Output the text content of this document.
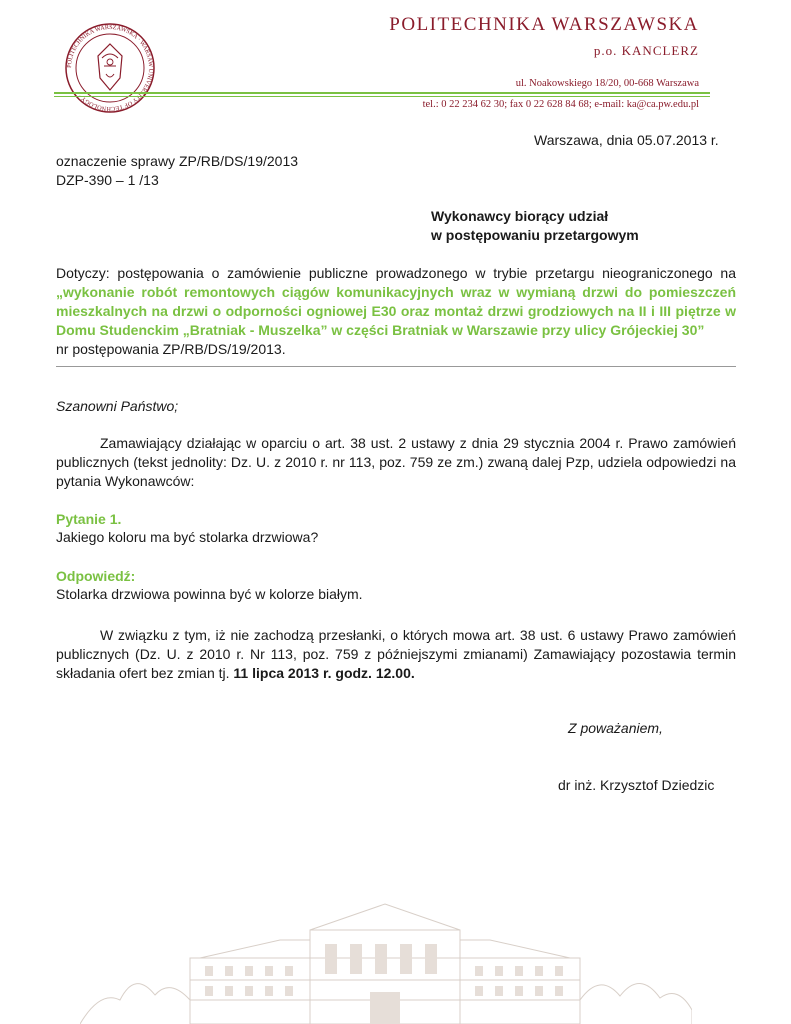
POLITECHNIKA WARSZAWSKA · WARSAW UNIVERSITY OF TECHNOLOGY ·
POLITECHNIKA WARSZAWSKA
p.o. KANCLERZ
ul. Noakowskiego 18/20, 00-668 Warszawa
tel.: 0 22 234 62 30; fax 0 22 628 84 68; e-mail: ka@ca.pw.edu.pl
Warszawa, dnia 05.07.2013 r.
oznaczenie sprawy ZP/RB/DS/19/2013
DZP-390 – 1 /13
Wykonawcy biorący udział
w postępowaniu przetargowym
Dotyczy: postępowania o zamówienie publiczne prowadzonego w trybie przetargu nieograniczonego na „wykonanie robót remontowych ciągów komunikacyjnych wraz w wymianą drzwi do pomieszczeń mieszkalnych na drzwi o odporności ogniowej E30 oraz montaż drzwi grodziowych na II i III piętrze w Domu Studenckim „Bratniak - Muszelka” w części Bratniak w Warszawie przy ulicy Grójeckiej 30”
nr postępowania ZP/RB/DS/19/2013.
Szanowni Państwo;
Zamawiający działając w oparciu o art. 38 ust. 2 ustawy z dnia 29 stycznia 2004 r. Prawo zamówień publicznych (tekst jednolity: Dz. U. z 2010 r. nr 113, poz. 759 ze zm.) zwaną dalej Pzp, udziela odpowiedzi na pytania Wykonawców:
Pytanie 1.
Jakiego koloru ma być stolarka drzwiowa?
Odpowiedź:
Stolarka drzwiowa powinna być w kolorze białym.
W związku z tym, iż nie zachodzą przesłanki, o których mowa art. 38 ust. 6 ustawy Prawo zamówień publicznych (Dz. U. z 2010 r. Nr 113, poz. 759 z późniejszymi zmianami) Zamawiający pozostawia termin składania ofert bez zmian tj. 11 lipca 2013 r. godz. 12.00.
Z poważaniem,
dr inż. Krzysztof Dziedzic
